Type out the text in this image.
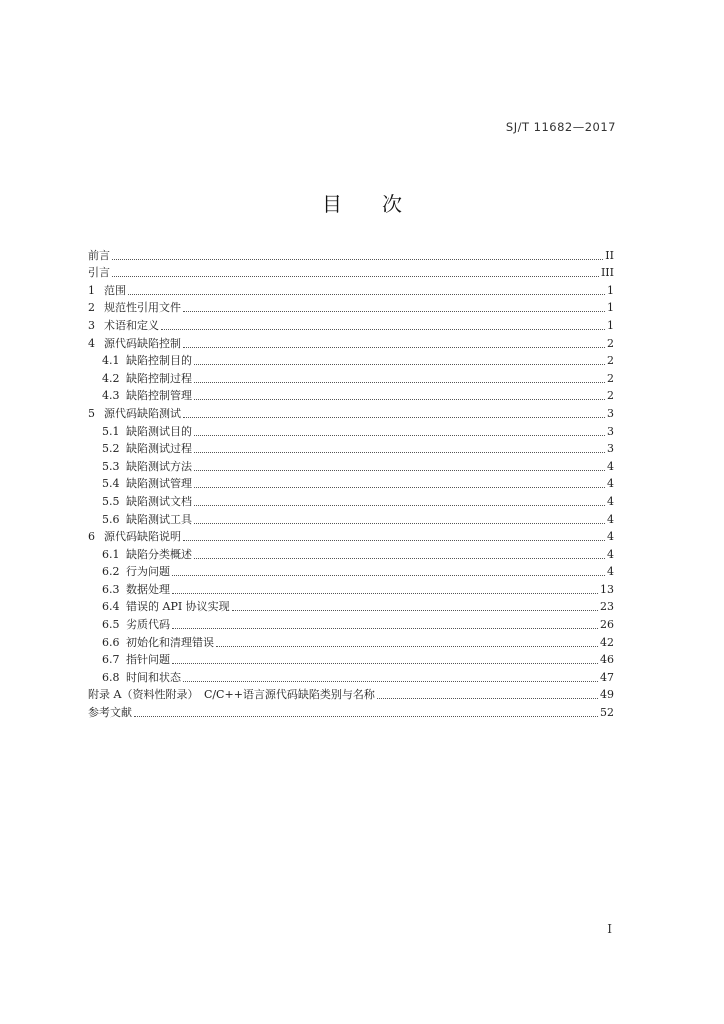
SJ/T 11682—2017
目 次
前言	II
引言	III
1 范围	1
2 规范性引用文件	1
3 术语和定义	1
4 源代码缺陷控制	2
4.1 缺陷控制目的	2
4.2 缺陷控制过程	2
4.3 缺陷控制管理	2
5 源代码缺陷测试	3
5.1 缺陷测试目的	3
5.2 缺陷测试过程	3
5.3 缺陷测试方法	4
5.4 缺陷测试管理	4
5.5 缺陷测试文档	4
5.6 缺陷测试工具	4
6 源代码缺陷说明	4
6.1 缺陷分类概述	4
6.2 行为问题	4
6.3 数据处理	13
6.4 错误的 API 协议实现	23
6.5 劣质代码	26
6.6 初始化和清理错误	42
6.7 指针问题	46
6.8 时间和状态	47
附录 A（资料性附录）　C/C++语言源代码缺陷类别与名称	49
参考文献	52
I
